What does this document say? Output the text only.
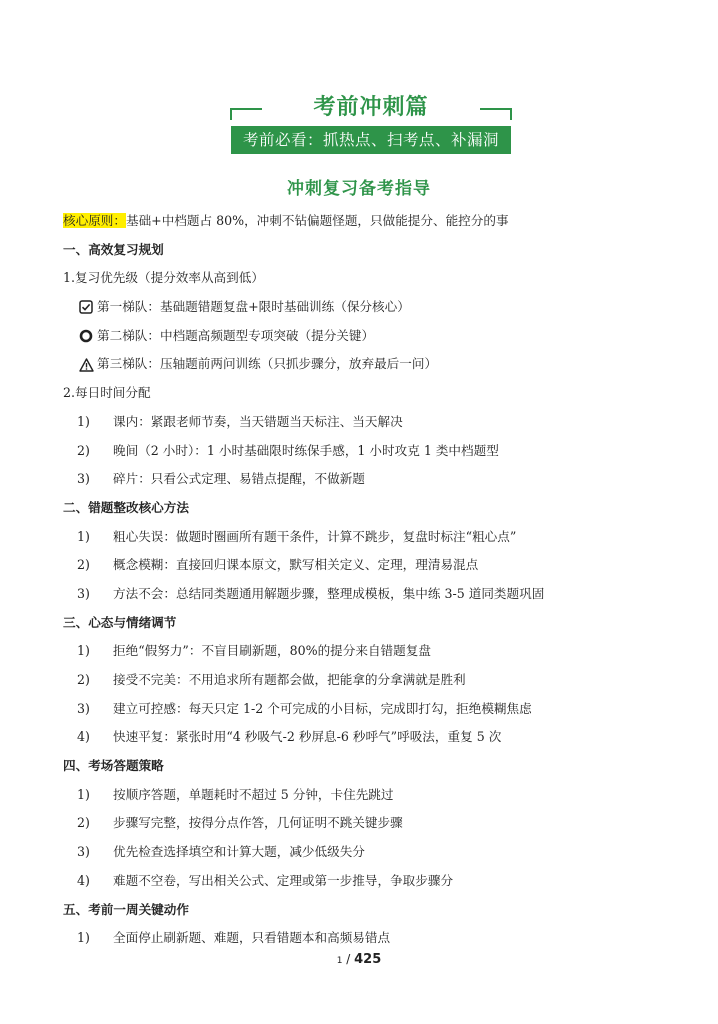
考前冲刺篇
考前必看：抓热点、扫考点、补漏洞
冲刺复习备考指导
核心原则：基础+中档题占 80%，冲刺不钻偏题怪题，只做能提分、能控分的事
一、高效复习规划
1.复习优先级（提分效率从高到低）
第一梯队：基础题错题复盘+限时基础训练（保分核心）
第二梯队：中档题高频题型专项突破（提分关键）
第三梯队：压轴题前两问训练（只抓步骤分，放弃最后一问）
2.每日时间分配
1)	课内：紧跟老师节奏，当天错题当天标注、当天解决
2)	晚间（2 小时）：1 小时基础限时练保手感，1 小时攻克 1 类中档题型
3)	碎片：只看公式定理、易错点提醒，不做新题
二、错题整改核心方法
1)	粗心失误：做题时圈画所有题干条件，计算不跳步，复盘时标注“粗心点”
2)	概念模糊：直接回归课本原文，默写相关定义、定理，理清易混点
3)	方法不会：总结同类题通用解题步骤，整理成模板，集中练 3-5 道同类题巩固
三、心态与情绪调节
1)	拒绝“假努力”：不盲目刷新题，80%的提分来自错题复盘
2)	接受不完美：不用追求所有题都会做，把能拿的分拿满就是胜利
3)	建立可控感：每天只定 1-2 个可完成的小目标，完成即打勾，拒绝模糊焦虑
4)	快速平复：紧张时用“4 秒吸气-2 秒屏息-6 秒呼气”呼吸法，重复 5 次
四、考场答题策略
1)	按顺序答题，单题耗时不超过 5 分钟，卡住先跳过
2)	步骤写完整，按得分点作答，几何证明不跳关键步骤
3)	优先检查选择填空和计算大题，减少低级失分
4)	难题不空卷，写出相关公式、定理或第一步推导，争取步骤分
五、考前一周关键动作
1)	全面停止刷新题、难题，只看错题本和高频易错点
1 / 425
